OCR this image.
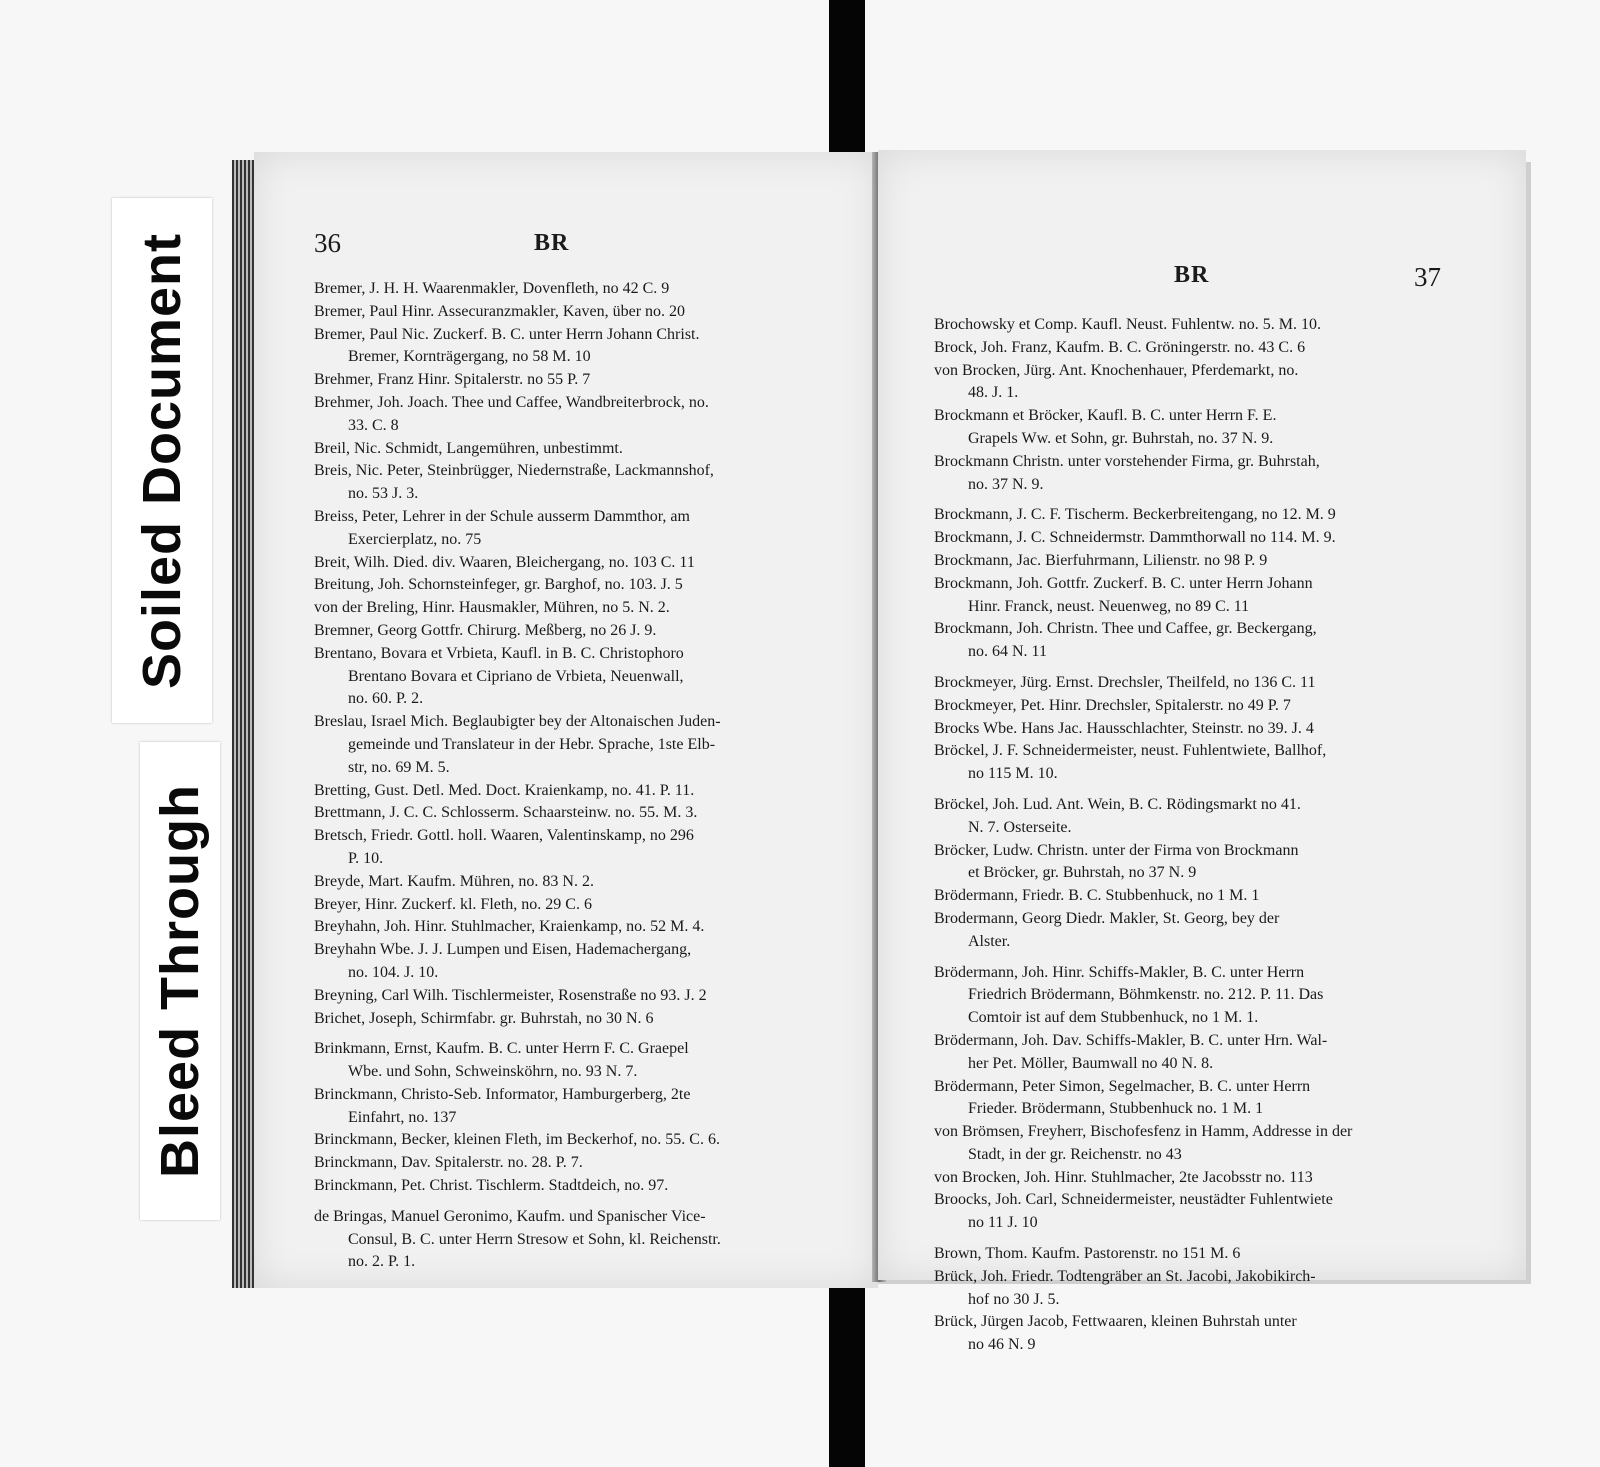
Soiled Document
Bleed Through
36	BR
Bremer, J. H. H. Waarenmakler, Dovenfleth, no 42 C. 9
Bremer, Paul Hinr. Assecuranzmakler, Kaven, über no. 20
Bremer, Paul Nic. Zuckerf. B. C. unter Herrn Johann Christ.
Bremer, Kornträgergang, no 58 M. 10
Brehmer, Franz Hinr. Spitalerstr. no 55 P. 7
Brehmer, Joh. Joach. Thee und Caffee, Wandbreiterbrock, no.
33. C. 8
Breil, Nic. Schmidt, Langemühren, unbestimmt.
Breis, Nic. Peter, Steinbrügger, Niedernstraße, Lackmannshof,
no. 53 J. 3.
Breiss, Peter, Lehrer in der Schule ausserm Dammthor, am
Exercierplatz, no. 75
Breit, Wilh. Died. div. Waaren, Bleichergang, no. 103 C. 11
Breitung, Joh. Schornsteinfeger, gr. Barghof, no. 103. J. 5
von der Breling, Hinr. Hausmakler, Mühren, no 5. N. 2.
Bremner, Georg Gottfr. Chirurg. Meßberg, no 26 J. 9.
Brentano, Bovara et Vrbieta, Kaufl. in B. C. Christophoro
Brentano Bovara et Cipriano de Vrbieta, Neuenwall,
no. 60. P. 2.
Breslau, Israel Mich. Beglaubigter bey der Altonaischen Juden-
gemeinde und Translateur in der Hebr. Sprache, 1ste Elb-
str, no. 69 M. 5.
Bretting, Gust. Detl. Med. Doct. Kraienkamp, no. 41. P. 11.
Brettmann, J. C. C. Schlosserm. Schaarsteinw. no. 55. M. 3.
Bretsch, Friedr. Gottl. holl. Waaren, Valentinskamp, no 296
P. 10.
Breyde, Mart. Kaufm. Mühren, no. 83 N. 2.
Breyer, Hinr. Zuckerf. kl. Fleth, no. 29 C. 6
Breyhahn, Joh. Hinr. Stuhlmacher, Kraienkamp, no. 52 M. 4.
Breyhahn Wbe. J. J. Lumpen und Eisen, Hademachergang,
no. 104. J. 10.
Breyning, Carl Wilh. Tischlermeister, Rosenstraße no 93. J. 2
Brichet, Joseph, Schirmfabr. gr. Buhrstah, no 30 N. 6
Brinkmann, Ernst, Kaufm. B. C. unter Herrn F. C. Graepel
Wbe. und Sohn, Schweinsköhrn, no. 93 N. 7.
Brinckmann, Christo-Seb. Informator, Hamburgerberg, 2te
Einfahrt, no. 137
Brinckmann, Becker, kleinen Fleth, im Beckerhof, no. 55. C. 6.
Brinckmann, Dav. Spitalerstr. no. 28. P. 7.
Brinckmann, Pet. Christ. Tischlerm. Stadtdeich, no. 97.
de Bringas, Manuel Geronimo, Kaufm. und Spanischer Vice-
Consul, B. C. unter Herrn Stresow et Sohn, kl. Reichenstr.
no. 2. P. 1.
BR	37
Brochowsky et Comp. Kaufl. Neust. Fuhlentw. no. 5. M. 10.
Brock, Joh. Franz, Kaufm. B. C. Gröningerstr. no. 43 C. 6
von Brocken, Jürg. Ant. Knochenhauer, Pferdemarkt, no.
48. J. 1.
Brockmann et Bröcker, Kaufl. B. C. unter Herrn F. E.
Grapels Ww. et Sohn, gr. Buhrstah, no. 37 N. 9.
Brockmann Christn. unter vorstehender Firma, gr. Buhrstah,
no. 37 N. 9.
Brockmann, J. C. F. Tischerm. Beckerbreitengang, no 12. M. 9
Brockmann, J. C. Schneidermstr. Dammthorwall no 114. M. 9.
Brockmann, Jac. Bierfuhrmann, Lilienstr. no 98 P. 9
Brockmann, Joh. Gottfr. Zuckerf. B. C. unter Herrn Johann
Hinr. Franck, neust. Neuenweg, no 89 C. 11
Brockmann, Joh. Christn. Thee und Caffee, gr. Beckergang,
no. 64 N. 11
Brockmeyer, Jürg. Ernst. Drechsler, Theilfeld, no 136 C. 11
Brockmeyer, Pet. Hinr. Drechsler, Spitalerstr. no 49 P. 7
Brocks Wbe. Hans Jac. Hausschlachter, Steinstr. no 39. J. 4
Bröckel, J. F. Schneidermeister, neust. Fuhlentwiete, Ballhof,
no 115 M. 10.
Bröckel, Joh. Lud. Ant. Wein, B. C. Rödingsmarkt no 41.
N. 7. Osterseite.
Bröcker, Ludw. Christn. unter der Firma von Brockmann
et Bröcker, gr. Buhrstah, no 37 N. 9
Brödermann, Friedr. B. C. Stubbenhuck, no 1 M. 1
Brodermann, Georg Diedr. Makler, St. Georg, bey der
Alster.
Brödermann, Joh. Hinr. Schiffs-Makler, B. C. unter Herrn
Friedrich Brödermann, Böhmkenstr. no. 212. P. 11. Das
Comtoir ist auf dem Stubbenhuck, no 1 M. 1.
Brödermann, Joh. Dav. Schiffs-Makler, B. C. unter Hrn. Wal-
her Pet. Möller, Baumwall no 40 N. 8.
Brödermann, Peter Simon, Segelmacher, B. C. unter Herrn
Frieder. Brödermann, Stubbenhuck no. 1 M. 1
von Brömsen, Freyherr, Bischofesfenz in Hamm, Addresse in der
Stadt, in der gr. Reichenstr. no 43
von Brocken, Joh. Hinr. Stuhlmacher, 2te Jacobsstr no. 113
Broocks, Joh. Carl, Schneidermeister, neustädter Fuhlentwiete
no 11 J. 10
Brown, Thom. Kaufm. Pastorenstr. no 151 M. 6
Brück, Joh. Friedr. Todtengräber an St. Jacobi, Jakobikirch-
hof no 30 J. 5.
Brück, Jürgen Jacob, Fettwaaren, kleinen Buhrstah unter
no 46 N. 9
